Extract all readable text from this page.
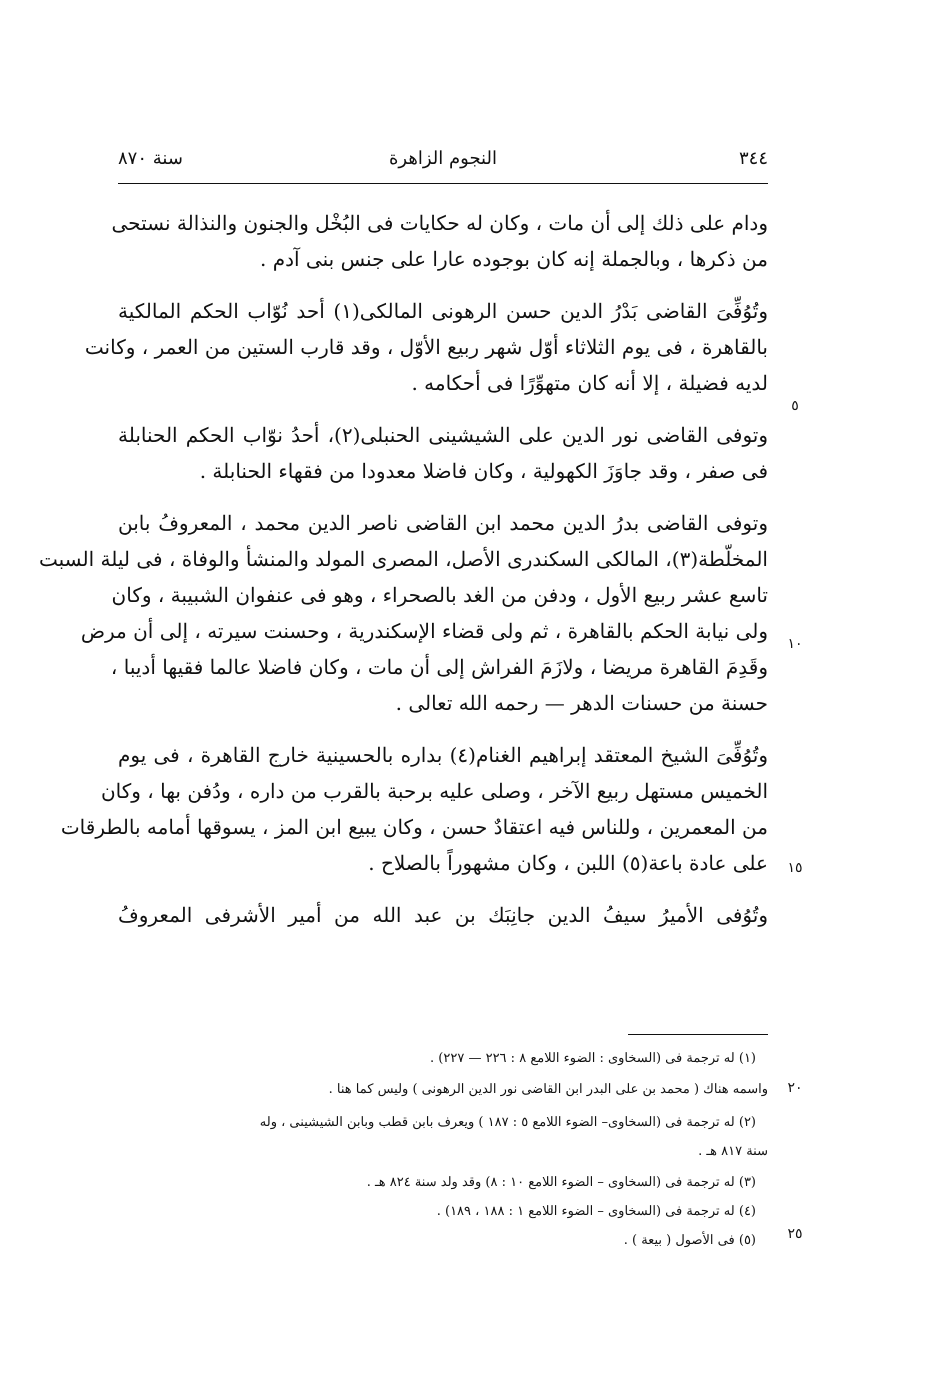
٣٤٤
النجوم الزاهرة
سنة ٨٧٠
ودام على ذلك إلى أن مات ، وكان له حكايات فى البُخْل والجنون والنذالة نستحى
من ذكرها ، وبالجملة إنه كان بوجوده عارا على جنس بنى آدم .
وتُوُفِّىَ القاضى بَدْرُ الدين حسن الرهونى المالكى(١) أحد نُوّاب الحكم المالكية
بالقاهرة ، فى يوم الثلاثاء أوّل شهر ربيع الأوّل ، وقد قارب الستين من العمر ، وكانت
لديه فضيلة ، إلا أنه كان متهوِّرًا فى أحكامه .
وتوفى القاضى نور الدين على الشيشينى الحنبلى(٢)، أحدُ نوّاب الحكم الحنابلة
فى صفر ، وقد جاوَزَ الكهولية ، وكان فاضلا معدودا من فقهاء الحنابلة .
وتوفى القاضى بدرُ الدين محمد ابن القاضى ناصر الدين محمد ، المعروفُ بابن
المخلّطة(٣)، المالكى السكندرى الأصل، المصرى المولد والمنشأ والوفاة ، فى ليلة السبت
تاسع عشر ربيع الأول ، ودفن من الغد بالصحراء ، وهو فى عنفوان الشبيبة ، وكان
ولى نيابة الحكم بالقاهرة ، ثم ولى قضاء الإسكندرية ، وحسنت سيرته ، إلى أن مرض
وقَدِمَ القاهرة مريضا ، ولازَمَ الفراش إلى أن مات ، وكان فاضلا عالما فقيها أديبا ،
حسنة من حسنات الدهر — رحمه الله تعالى .
وتُوُفِّىَ الشيخ المعتقد إبراهيم الغنام(٤) بداره بالحسينية خارج القاهرة ، فى يوم
الخميس مستهل ربيع الآخر ، وصلى عليه برحبة بالقرب من داره ، ودُفن بها ، وكان
من المعمرين ، وللناس فيه اعتقادٌ حسن ، وكان يبيع ابن المز ، يسوقها أمامه بالطرقات
على عادة باعة(٥) اللبن ، وكان مشهوراً بالصلاح .
وتُوُفى الأميرُ سيفُ الدين جانِبَك بن عبد الله من أمير الأشرفى المعروفُ
٥
١٠
١٥
٢٠
٢٥
(١) له ترجمة فى (السخاوى : الضوء اللامع ٨ : ٢٢٦ — ٢٢٧) .
واسمه هناك ( محمد بن على البدر ابن القاضى نور الدين الرهونى ) وليس كما هنا .
(٢) له ترجمة فى (السخاوى– الضوء اللامع ٥ : ١٨٧ ) ويعرف بابن قطب وبابن الشيشينى ، وله
سنة ٨١٧ هـ .
(٣) له ترجمة فى (السخاوى – الضوء اللامع ١٠ : ٨) وقد ولد سنة ٨٢٤ هـ .
(٤) له ترجمة فى (السخاوى – الضوء اللامع ١ : ١٨٨ ، ١٨٩) .
(٥) فى الأصول ( بيعة ) .
